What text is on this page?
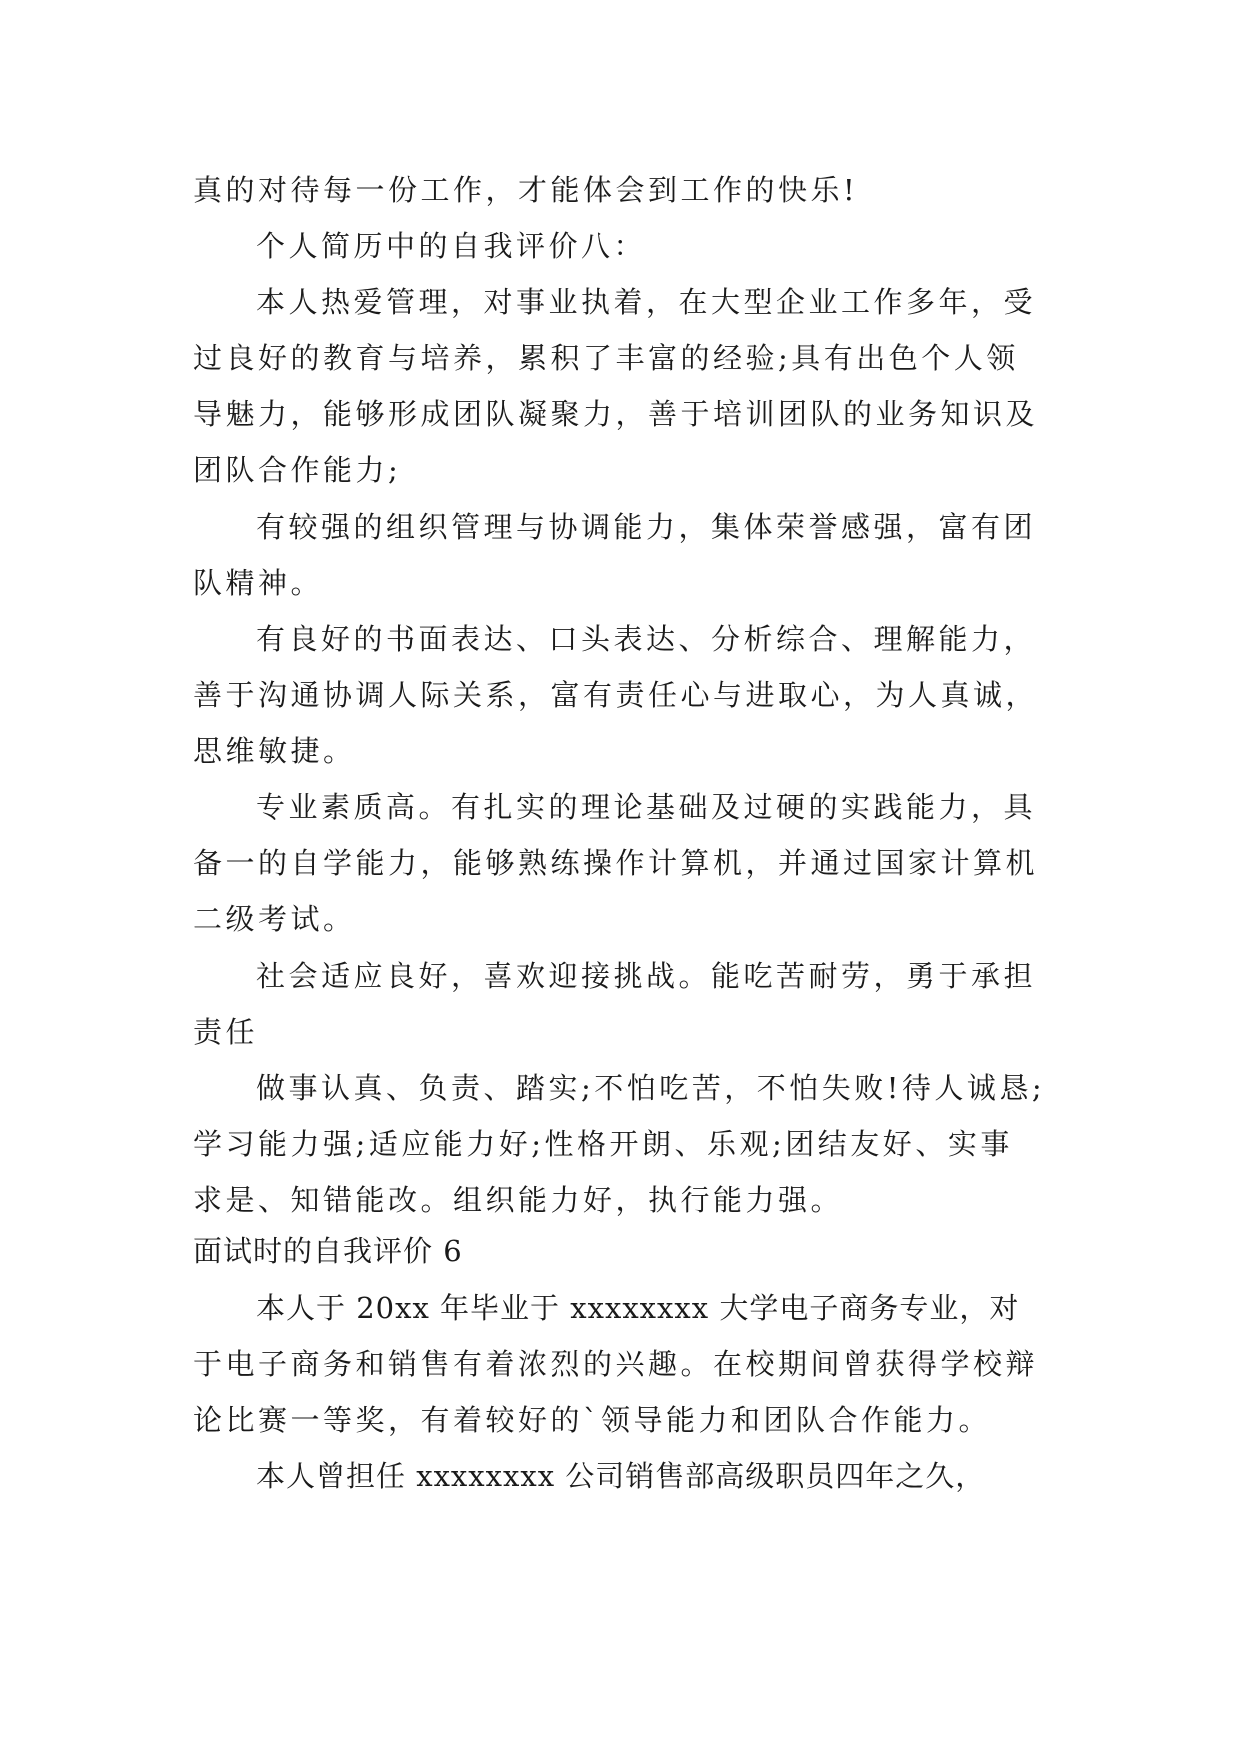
真的对待每一份工作，才能体会到工作的快乐!
个人简历中的自我评价八：
本人热爱管理，对事业执着，在大型企业工作多年，受
过良好的教育与培养，累积了丰富的经验;具有出色个人领
导魅力，能够形成团队凝聚力，善于培训团队的业务知识及
团队合作能力;
有较强的组织管理与协调能力，集体荣誉感强，富有团
队精神。
有良好的书面表达、口头表达、分析综合、理解能力，
善于沟通协调人际关系，富有责任心与进取心，为人真诚，
思维敏捷。
专业素质高。有扎实的理论基础及过硬的实践能力，具
备一的自学能力，能够熟练操作计算机，并通过国家计算机
二级考试。
社会适应良好，喜欢迎接挑战。能吃苦耐劳，勇于承担
责任
做事认真、负责、踏实;不怕吃苦，不怕失败!待人诚恳;
学习能力强;适应能力好;性格开朗、乐观;团结友好、实事
求是、知错能改。组织能力好，执行能力强。
面试时的自我评价 6
本人于 20xx 年毕业于 xxxxxxxx 大学电子商务专业，对
于电子商务和销售有着浓烈的兴趣。在校期间曾获得学校辩
论比赛一等奖，有着较好的`领导能力和团队合作能力。
本人曾担任 xxxxxxxx 公司销售部高级职员四年之久，
